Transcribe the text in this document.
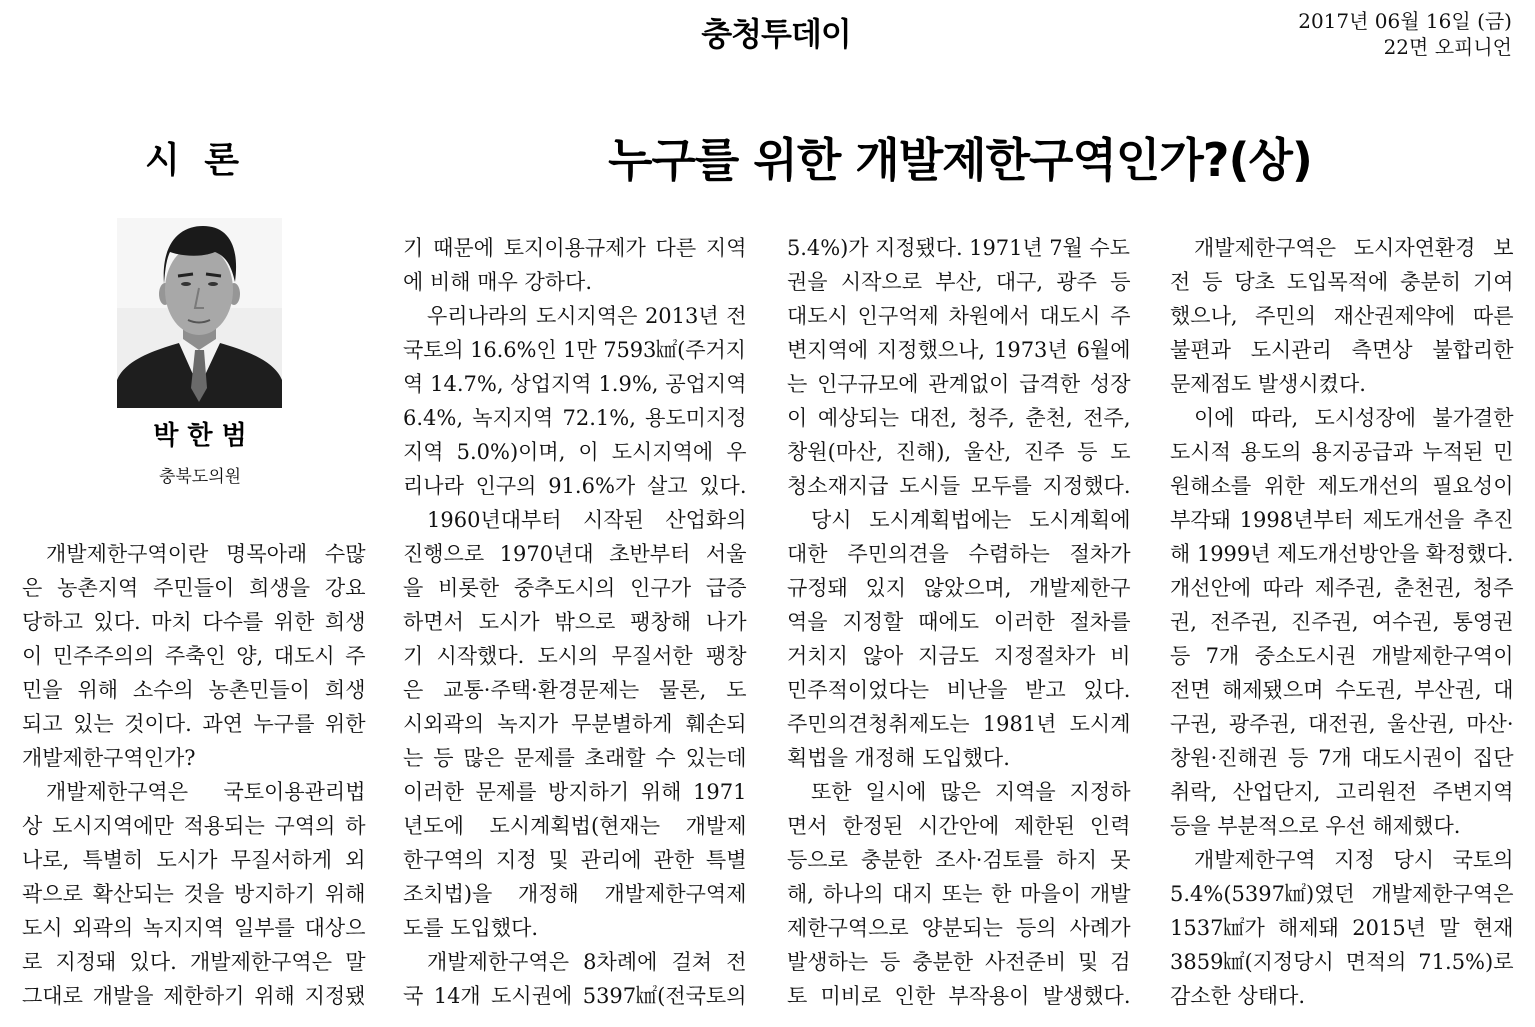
충청투데이	2017년 06월 16일 (금)
22면 오피니언
시 론	누구를 위한 개발제한구역인가?(상)
박 한 범
충북도의원
개발제한구역이란 명목아래 수많
은 농촌지역 주민들이 희생을 강요
당하고 있다. 마치 다수를 위한 희생
이 민주주의의 주축인 양, 대도시 주
민을 위해 소수의 농촌민들이 희생
되고 있는 것이다. 과연 누구를 위한
개발제한구역인가?
개발제한구역은 국토이용관리법
상 도시지역에만 적용되는 구역의 하
나로, 특별히 도시가 무질서하게 외
곽으로 확산되는 것을 방지하기 위해
도시 외곽의 녹지지역 일부를 대상으
로 지정돼 있다. 개발제한구역은 말
그대로 개발을 제한하기 위해 지정됐
기 때문에 토지이용규제가 다른 지역
에 비해 매우 강하다.
우리나라의 도시지역은 2013년 전
국토의 16.6%인 1만 7593㎢(주거지
역 14.7%, 상업지역 1.9%, 공업지역
6.4%, 녹지지역 72.1%, 용도미지정
지역 5.0%)이며, 이 도시지역에 우
리나라 인구의 91.6%가 살고 있다.
1960년대부터 시작된 산업화의
진행으로 1970년대 초반부터 서울
을 비롯한 중추도시의 인구가 급증
하면서 도시가 밖으로 팽창해 나가
기 시작했다. 도시의 무질서한 팽창
은 교통·주택·환경문제는 물론, 도
시외곽의 녹지가 무분별하게 훼손되
는 등 많은 문제를 초래할 수 있는데
이러한 문제를 방지하기 위해 1971
년도에 도시계획법(현재는 개발제
한구역의 지정 및 관리에 관한 특별
조치법)을 개정해 개발제한구역제
도를 도입했다.
개발제한구역은 8차례에 걸쳐 전
국 14개 도시권에 5397㎢(전국토의
5.4%)가 지정됐다. 1971년 7월 수도
권을 시작으로 부산, 대구, 광주 등
대도시 인구억제 차원에서 대도시 주
변지역에 지정했으나, 1973년 6월에
는 인구규모에 관계없이 급격한 성장
이 예상되는 대전, 청주, 춘천, 전주,
창원(마산, 진해), 울산, 진주 등 도
청소재지급 도시들 모두를 지정했다.
당시 도시계획법에는 도시계획에
대한 주민의견을 수렴하는 절차가
규정돼 있지 않았으며, 개발제한구
역을 지정할 때에도 이러한 절차를
거치지 않아 지금도 지정절차가 비
민주적이었다는 비난을 받고 있다.
주민의견청취제도는 1981년 도시계
획법을 개정해 도입했다.
또한 일시에 많은 지역을 지정하
면서 한정된 시간안에 제한된 인력
등으로 충분한 조사·검토를 하지 못
해, 하나의 대지 또는 한 마을이 개발
제한구역으로 양분되는 등의 사례가
발생하는 등 충분한 사전준비 및 검
토 미비로 인한 부작용이 발생했다.
개발제한구역은 도시자연환경 보
전 등 당초 도입목적에 충분히 기여
했으나, 주민의 재산권제약에 따른
불편과 도시관리 측면상 불합리한
문제점도 발생시켰다.
이에 따라, 도시성장에 불가결한
도시적 용도의 용지공급과 누적된 민
원해소를 위한 제도개선의 필요성이
부각돼 1998년부터 제도개선을 추진
해 1999년 제도개선방안을 확정했다.
개선안에 따라 제주권, 춘천권, 청주
권, 전주권, 진주권, 여수권, 통영권
등 7개 중소도시권 개발제한구역이
전면 해제됐으며 수도권, 부산권, 대
구권, 광주권, 대전권, 울산권, 마산·
창원·진해권 등 7개 대도시권이 집단
취락, 산업단지, 고리원전 주변지역
등을 부분적으로 우선 해제했다.
개발제한구역 지정 당시 국토의
5.4%(5397㎢)였던 개발제한구역은
1537㎢가 해제돼 2015년 말 현재
3859㎢(지정당시 면적의 71.5%)로
감소한 상태다.
